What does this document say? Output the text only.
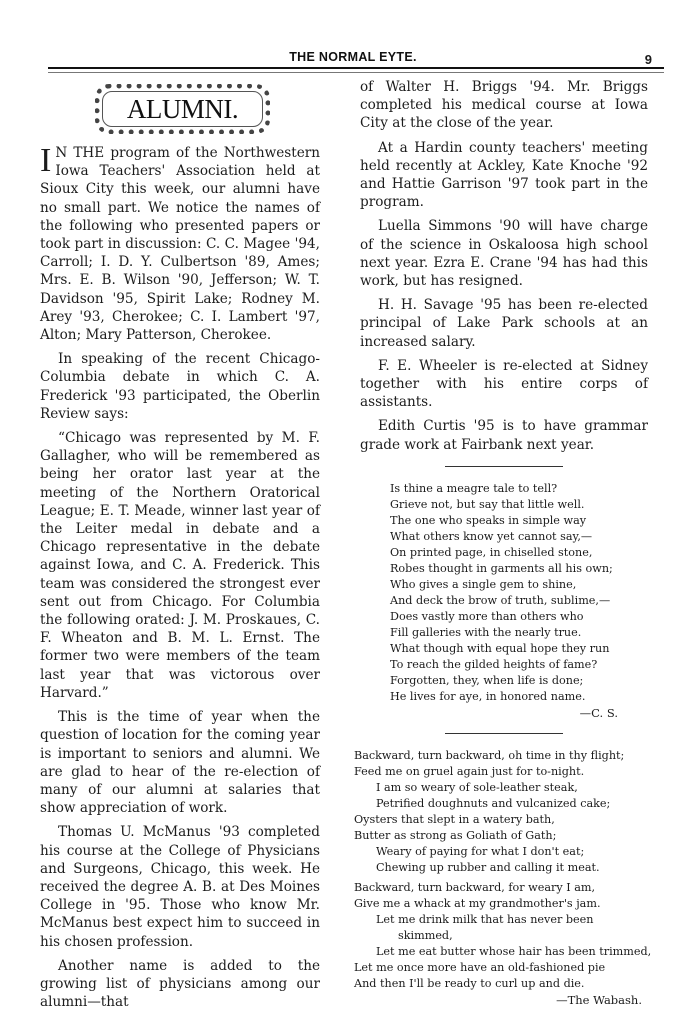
THE NORMAL EYTE.	9
ALUMNI.

I N THE program of the Northwestern Iowa Teachers' Association held at Sioux City this week, our alumni have no small part. We notice the names of the following who presented papers or took part in discussion: C. C. Magee '94, Carroll; I. D. Y. Culbertson '89, Ames; Mrs. E. B. Wilson '90, Jefferson; W. T. Davidson '95, Spirit Lake; Rodney M. Arey '93, Cherokee; C. I. Lambert '97, Alton; Mary Patterson, Cherokee.

In speaking of the recent Chicago-Columbia debate in which C. A. Frederick '93 participated, the Oberlin Review says:

“Chicago was represented by M. F. Gallagher, who will be remembered as being her orator last year at the meeting of the Northern Oratorical League; E. T. Meade, winner last year of the Leiter medal in debate and a Chicago representative in the debate against Iowa, and C. A. Frederick. This team was considered the strongest ever sent out from Chicago. For Columbia the following orated: J. M. Proskaues, C. F. Wheaton and B. M. L. Ernst. The former two were members of the team last year that was victorous over Harvard.”

This is the time of year when the question of location for the coming year is important to seniors and alumni. We are glad to hear of the re-election of many of our alumni at salaries that show appreciation of work.

Thomas U. McManus '93 completed his course at the College of Physicians and Surgeons, Chicago, this week. He received the degree A. B. at Des Moines College in '95. Those who know Mr. McManus best expect him to succeed in his chosen profession.

Another name is added to the growing list of physicians among our alumni—that

of Walter H. Briggs '94. Mr. Briggs completed his medical course at Iowa City at the close of the year.

At a Hardin county teachers' meeting held recently at Ackley, Kate Knoche '92 and Hattie Garrison '97 took part in the program.

Luella Simmons '90 will have charge of the science in Oskaloosa high school next year. Ezra E. Crane '94 has had this work, but has resigned.

H. H. Savage '95 has been re-elected principal of Lake Park schools at an increased salary.

F. E. Wheeler is re-elected at Sidney together with his entire corps of assistants.

Edith Curtis '95 is to have grammar grade work at Fairbank next year.

Is thine a meagre tale to tell?
Grieve not, but say that little well.
The one who speaks in simple way
What others know yet cannot say,—
On printed page, in chiselled stone,
Robes thought in garments all his own;
Who gives a single gem to shine,
And deck the brow of truth, sublime,—
Does vastly more than others who
Fill galleries with the nearly true.
What though with equal hope they run
To reach the gilded heights of fame?
Forgotten, they, when life is done;
He lives for aye, in honored name.
—C. S.
Backward, turn backward, oh time in thy flight;
Feed me on gruel again just for to-night.
I am so weary of sole-leather steak,
Petrified doughnuts and vulcanized cake;
Oysters that slept in a watery bath,
Butter as strong as Goliath of Gath;
Weary of paying for what I don't eat;
Chewing up rubber and calling it meat.
Backward, turn backward, for weary I am,
Give me a whack at my grandmother's jam.
Let me drink milk that has never been
skimmed,
Let me eat butter whose hair has been trimmed,
Let me once more have an old-fashioned pie
And then I'll be ready to curl up and die.
—The Wabash.
